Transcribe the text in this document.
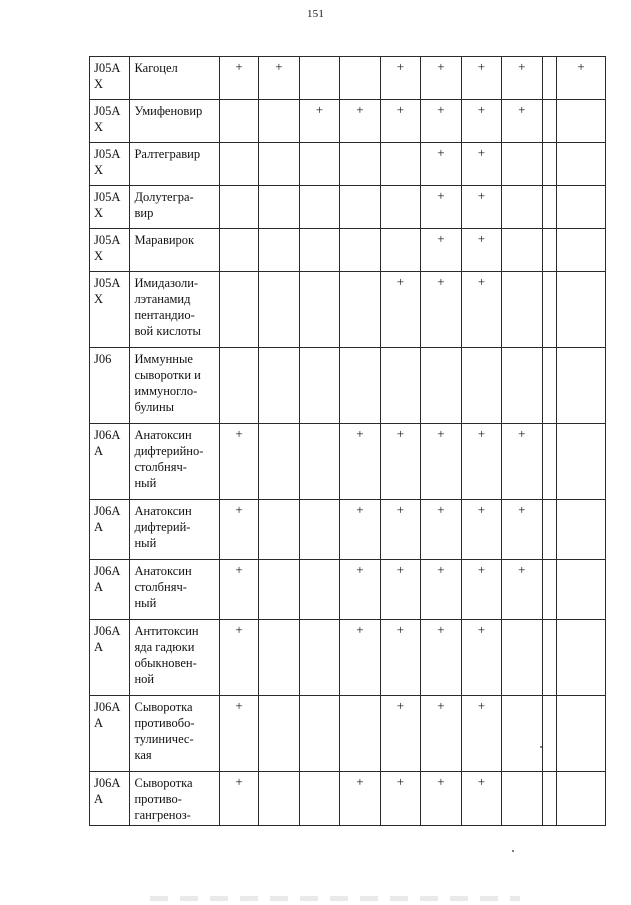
151
J05A
X	Кагоцел	+	+			+	+	+	+		+
J05A
X	Умифеновир			+	+	+	+	+	+		
J05A
X	Ралтегравир						+	+			
J05A
X	Долутегра-
вир						+	+			
J05A
X	Маравирок						+	+			
J05A
X	Имидазоли-
лэтанамид
пентандио-
вой кислоты					+	+	+			
J06	Иммунные
сыворотки и
иммуногло-
булины										
J06A
A	Анатоксин
дифтерийно-
столбняч-
ный	+			+	+	+	+	+		
J06A
A	Анатоксин
дифтерий-
ный	+			+	+	+	+	+		
J06A
A	Анатоксин
столбняч-
ный	+			+	+	+	+	+		
J06A
A	Антитоксин
яда гадюки
обыкновен-
ной	+			+	+	+	+			
J06A
A	Сыворотка
противобо-
тулиничес-
кая	+				+	+	+			
J06A
A	Сыворотка
противо-
гангреноз-	+			+	+	+	+			
